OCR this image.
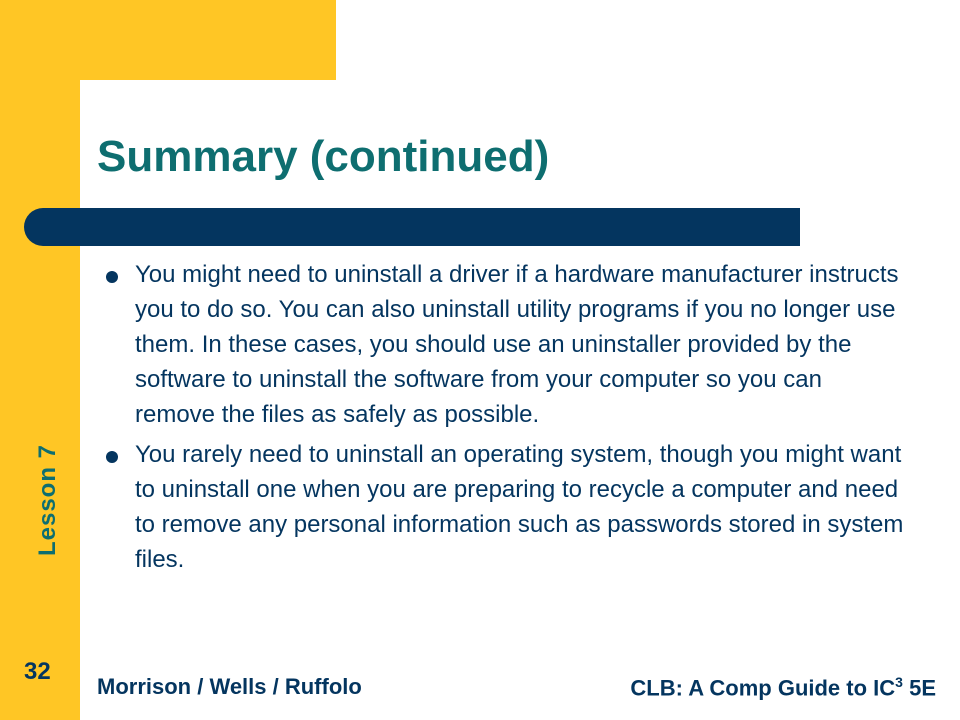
Lesson 7
Summary (continued)
You might need to uninstall a driver if a hardware manufacturer instructs you to do so. You can also uninstall utility programs if you no longer use them. In these cases, you should use an uninstaller provided by the software to uninstall the software from your computer so you can remove the files as safely as possible.
You rarely need to uninstall an operating system, though you might want to uninstall one when you are preparing to recycle a computer and need to remove any personal information such as passwords stored in system files.
32
Morrison / Wells / Ruffolo	CLB: A Comp Guide to $IC^3$ 5E
